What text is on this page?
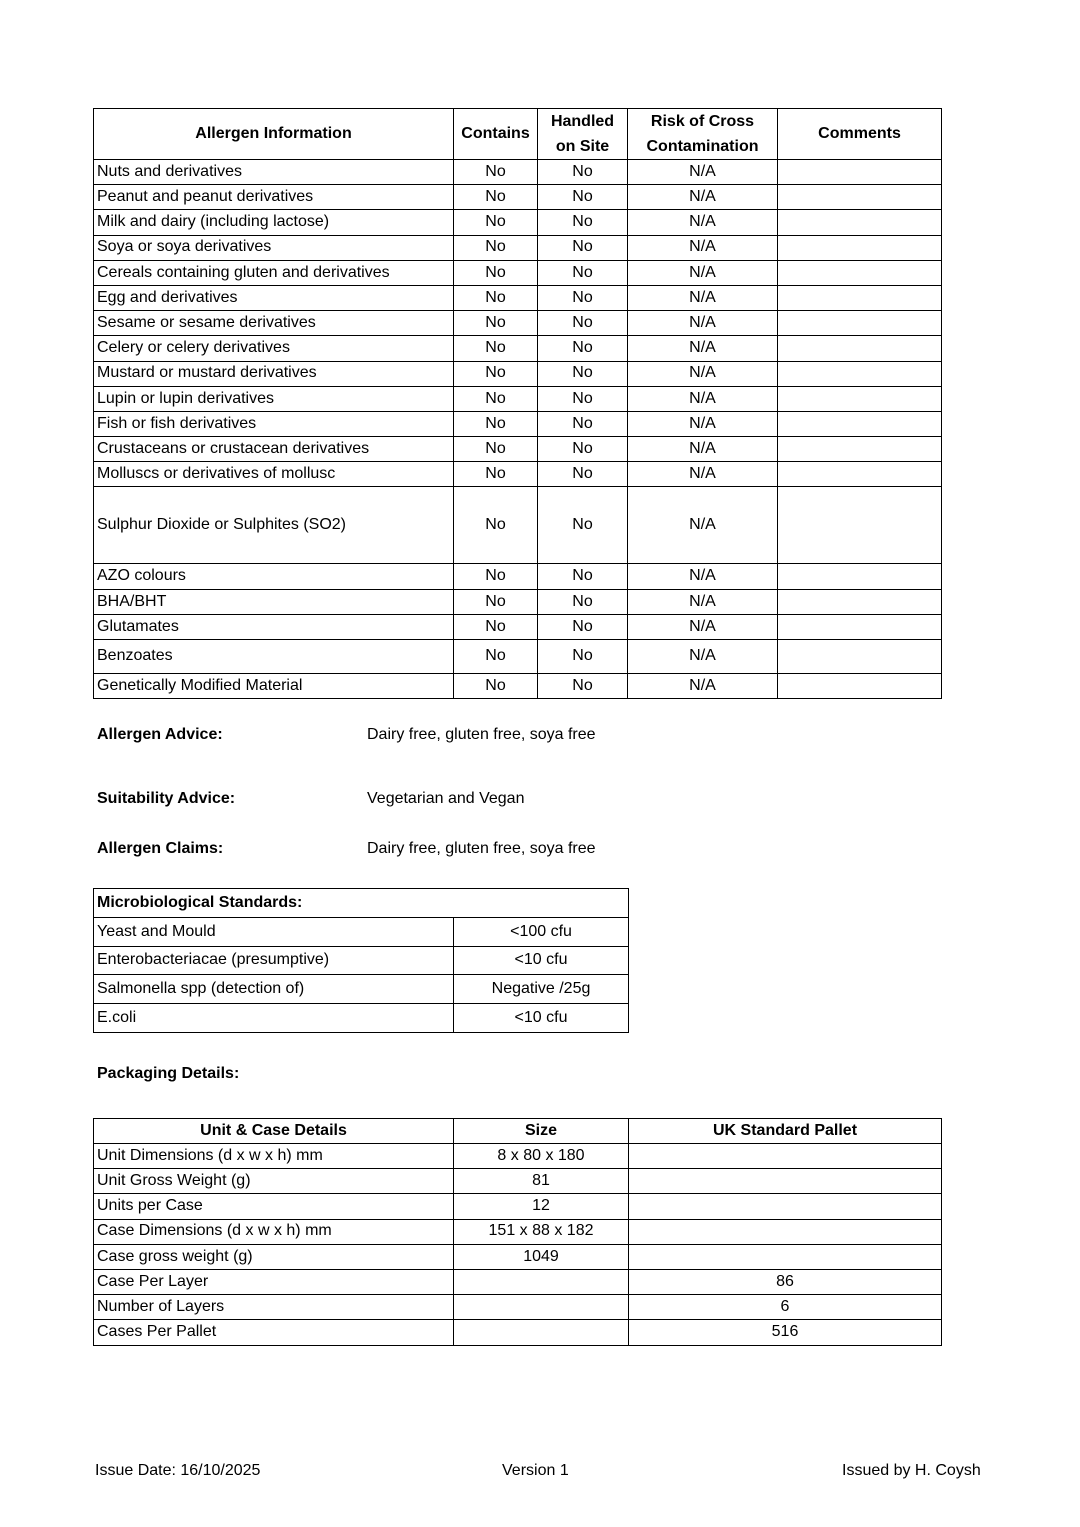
Allergen Information	Contains	Handled on Site	Risk of Cross Contamination	Comments
Nuts and derivatives	No	No	N/A	
Peanut and peanut derivatives	No	No	N/A	
Milk and dairy (including lactose)	No	No	N/A	
Soya or soya derivatives	No	No	N/A	
Cereals containing gluten and derivatives	No	No	N/A	
Egg and derivatives	No	No	N/A	
Sesame or sesame derivatives	No	No	N/A	
Celery or celery derivatives	No	No	N/A	
Mustard or mustard derivatives	No	No	N/A	
Lupin or lupin derivatives	No	No	N/A	
Fish or fish derivatives	No	No	N/A	
Crustaceans or crustacean derivatives	No	No	N/A	
Molluscs or derivatives of mollusc	No	No	N/A	
Sulphur Dioxide or Sulphites (SO2)	No	No	N/A	
AZO colours	No	No	N/A	
BHA/BHT	No	No	N/A	
Glutamates	No	No	N/A	
Benzoates	No	No	N/A	
Genetically Modified Material	No	No	N/A	
Allergen Advice:	Dairy free, gluten free, soya free
Suitability Advice:	Vegetarian and Vegan
Allergen Claims:	Dairy free, gluten free, soya free
Microbiological Standards:	
Yeast and Mould	<100 cfu
Enterobacteriacae (presumptive)	<10 cfu
Salmonella spp (detection of)	Negative /25g
E.coli	<10 cfu
Packaging Details:
Unit & Case Details	Size	UK Standard Pallet
Unit Dimensions (d x w x h) mm	8 x 80 x 180	
Unit Gross Weight (g)	81	
Units per Case	12	
Case Dimensions (d x w x h) mm	151 x 88 x 182	
Case gross weight (g)	1049	
Case Per Layer		86
Number of Layers		6
Cases Per Pallet		516
Issue Date: 16/10/2025	Version 1	Issued by H. Coysh
